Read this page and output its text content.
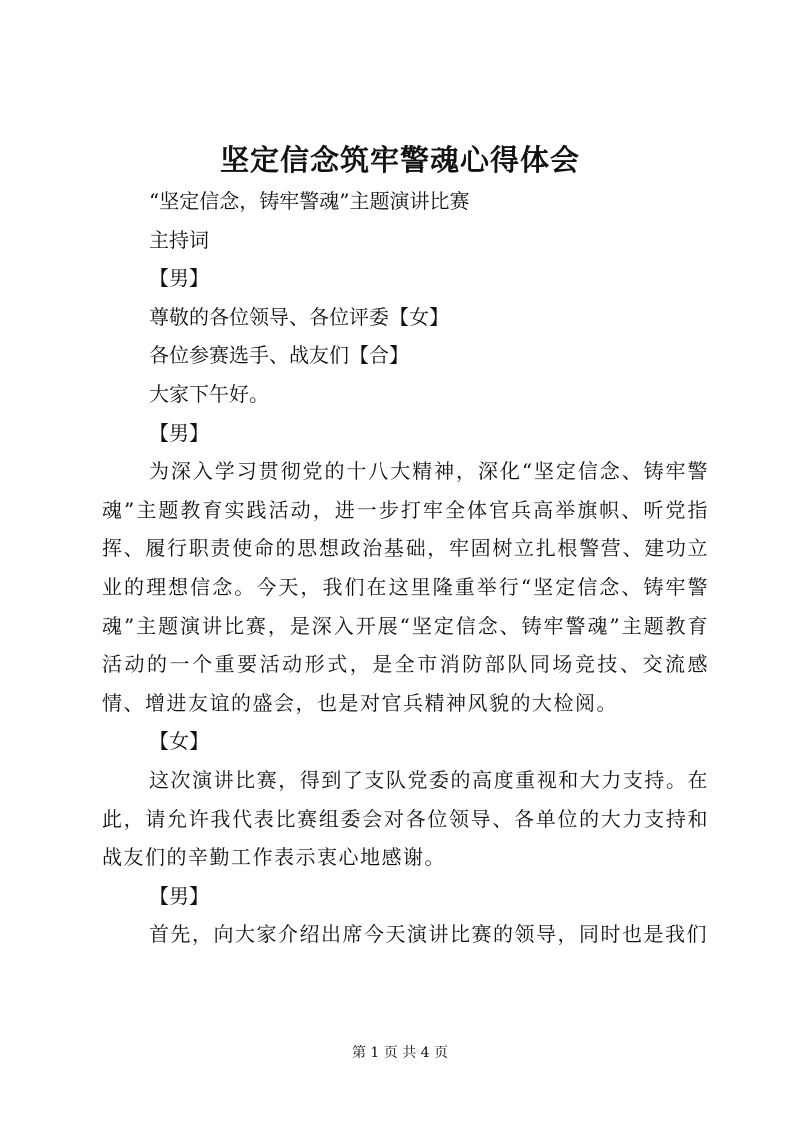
坚定信念筑牢警魂心得体会

“坚定信念，铸牢警魂”主题演讲比赛

主持词

【男】

尊敬的各位领导、各位评委【女】

各位参赛选手、战友们【合】

大家下午好。

【男】

为深入学习贯彻党的十八大精神，深化“坚定信念、铸牢警魂”主题教育实践活动，进一步打牢全体官兵高举旗帜、听党指挥、履行职责使命的思想政治基础，牢固树立扎根警营、建功立业的理想信念。今天，我们在这里隆重举行“坚定信念、铸牢警魂”主题演讲比赛，是深入开展“坚定信念、铸牢警魂”主题教育活动的一个重要活动形式，是全市消防部队同场竞技、交流感情、增进友谊的盛会，也是对官兵精神风貌的大检阅。

【女】

这次演讲比赛，得到了支队党委的高度重视和大力支持。在此，请允许我代表比赛组委会对各位领导、各单位的大力支持和战友们的辛勤工作表示衷心地感谢。

【男】

首先，向大家介绍出席今天演讲比赛的领导，同时也是我们

第 1 页 共 4 页
